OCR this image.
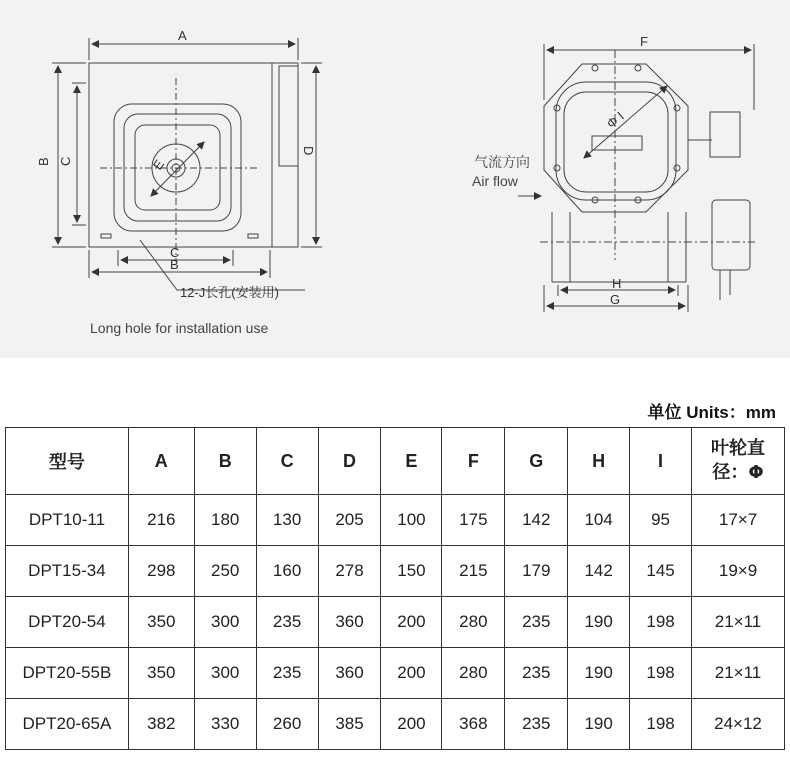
A
B C
D
E
C
B
12-J长孔(安装用)
Long hole for installation use
F
Φ I
H
G
气流方向
Air flow
单位 Units：mm
型号	A	B	C	D	E	F	G	H	I	叶轮直
径：Φ
DPT10-11	216	180	130	205	100	175	142	104	95	17×7
DPT15-34	298	250	160	278	150	215	179	142	145	19×9
DPT20-54	350	300	235	360	200	280	235	190	198	21×11
DPT20-55B	350	300	235	360	200	280	235	190	198	21×11
DPT20-65A	382	330	260	385	200	368	235	190	198	24×12
